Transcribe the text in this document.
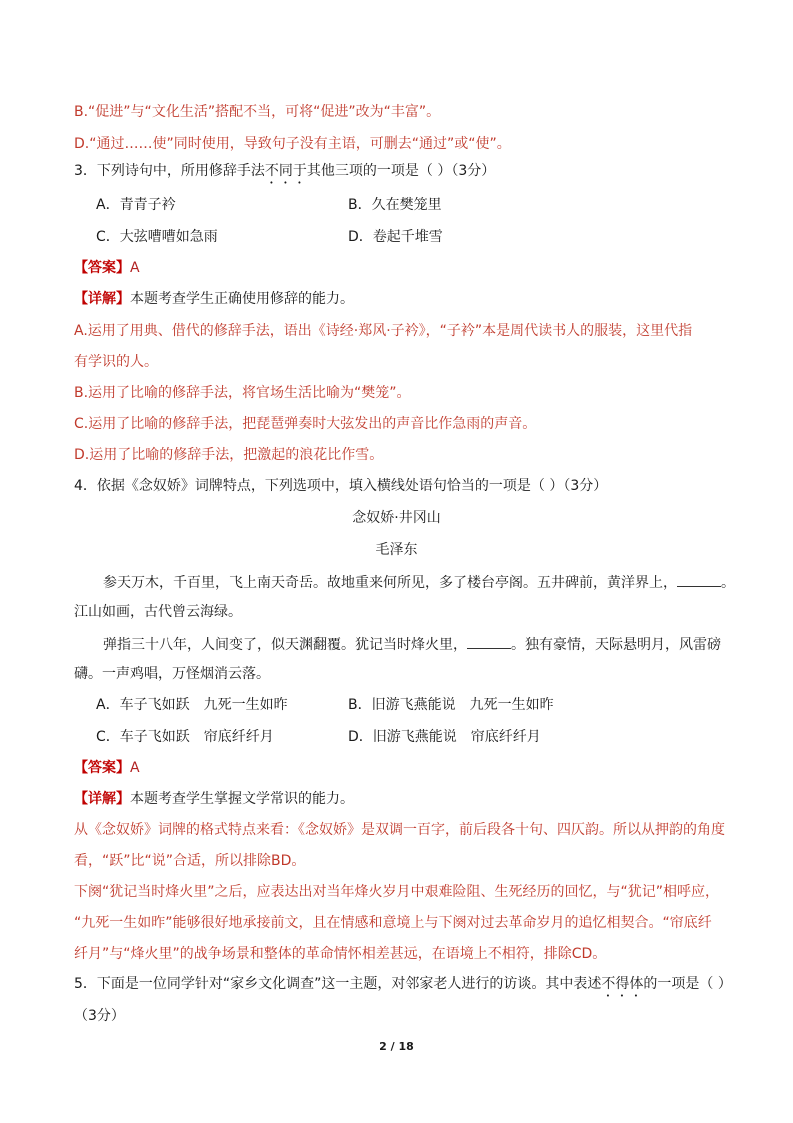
B.“促进”与“文化生活”搭配不当，可将“促进”改为“丰富”。
D.“通过……使”同时使用，导致句子没有主语，可删去“通过”或“使”。
3．下列诗句中，所用修辞手法不同于其他三项的一项是（ ）（3分）
A．青青子衿	B．久在樊笼里
C．大弦嘈嘈如急雨	D．卷起千堆雪
【答案】A
【详解】本题考查学生正确使用修辞的能力。
A.运用了用典、借代的修辞手法，语出《诗经·郑风·子衿》，“子衿”本是周代读书人的服装，这里代指
有学识的人。
B.运用了比喻的修辞手法，将官场生活比喻为“樊笼”。
C.运用了比喻的修辞手法，把琵琶弹奏时大弦发出的声音比作急雨的声音。
D.运用了比喻的修辞手法，把激起的浪花比作雪。
4．依据《念奴娇》词牌特点，下列选项中，填入横线处语句恰当的一项是（ ）（3分）
念奴娇·井冈山
毛泽东
参天万木，千百里，飞上南天奇岳。故地重来何所见，多了楼台亭阁。五井碑前，黄洋界上，	。
江山如画，古代曾云海绿。
弹指三十八年，人间变了，似天渊翻覆。犹记当时烽火里，	。独有豪情，天际悬明月，风雷磅
礴。一声鸡唱，万怪烟消云落。
A．车子飞如跃　九死一生如昨	B．旧游飞燕能说　九死一生如昨
C．车子飞如跃　帘底纤纤月	D．旧游飞燕能说　帘底纤纤月
【答案】A
【详解】本题考查学生掌握文学常识的能力。
从《念奴娇》词牌的格式特点来看：《念奴娇》是双调一百字，前后段各十句、四仄韵。所以从押韵的角度
看，“跃”比“说”合适，所以排除BD。
下阕“犹记当时烽火里”之后，应表达出对当年烽火岁月中艰难险阻、生死经历的回忆，与“犹记”相呼应，
“九死一生如昨”能够很好地承接前文，且在情感和意境上与下阕对过去革命岁月的追忆相契合。“帘底纤
纤月”与“烽火里”的战争场景和整体的革命情怀相差甚远，在语境上不相符，排除CD。
5．下面是一位同学针对“家乡文化调查”这一主题，对邻家老人进行的访谈。其中表述不得体的一项是（ ）
（3分）
2 / 18
